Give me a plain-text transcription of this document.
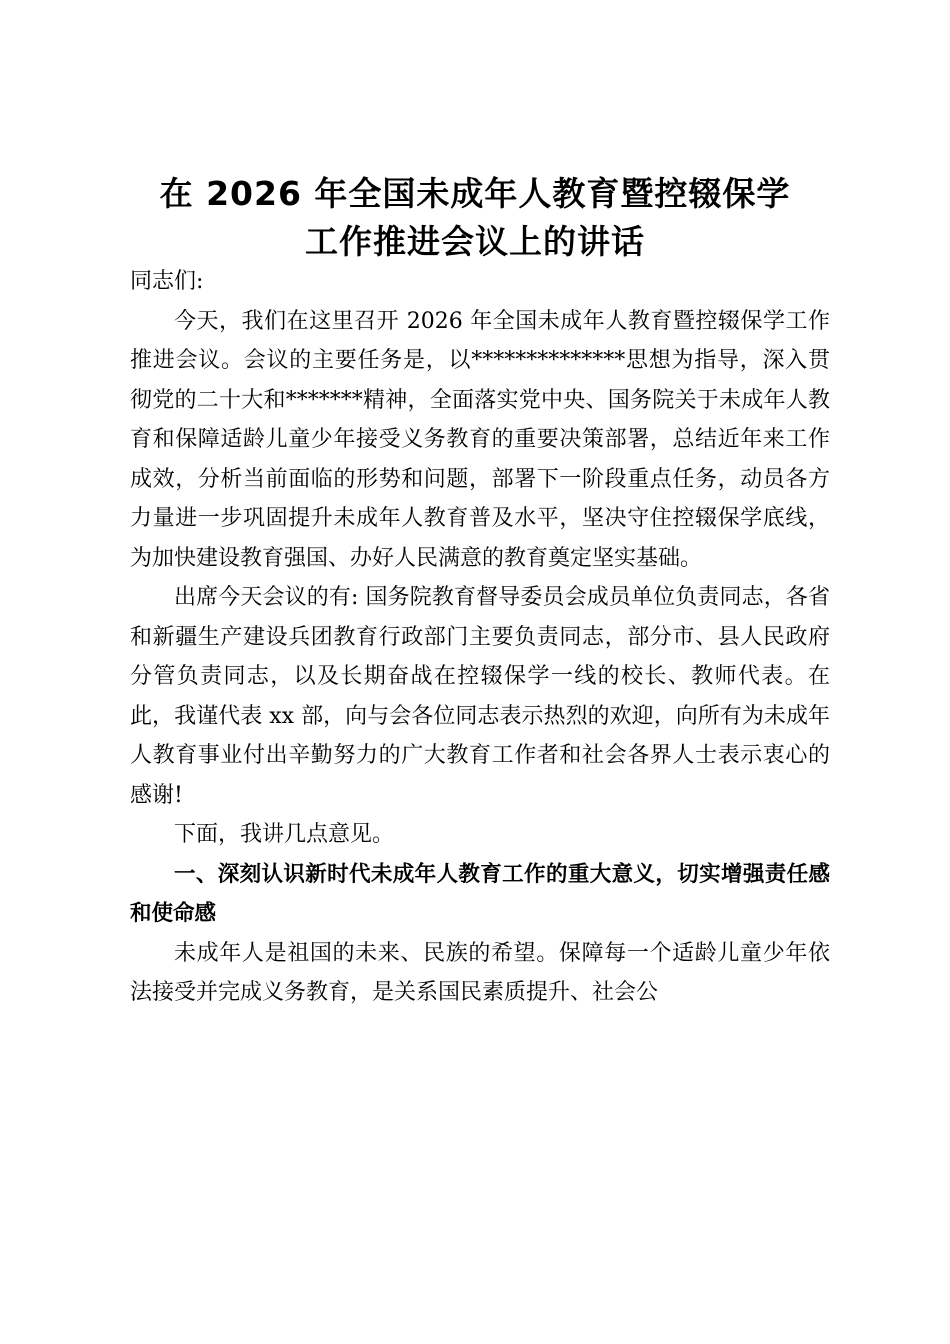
在 2026 年全国未成年人教育暨控辍保学
工作推进会议上的讲话

同志们:

今天，我们在这里召开 2026 年全国未成年人教育暨控辍保学工作推进会议。会议的主要任务是，以**************思想为指导，深入贯彻党的二十大和*******精神，全面落实党中央、国务院关于未成年人教育和保障适龄儿童少年接受义务教育的重要决策部署，总结近年来工作成效，分析当前面临的形势和问题，部署下一阶段重点任务，动员各方力量进一步巩固提升未成年人教育普及水平，坚决守住控辍保学底线，为加快建设教育强国、办好人民满意的教育奠定坚实基础。

出席今天会议的有: 国务院教育督导委员会成员单位负责同志，各省和新疆生产建设兵团教育行政部门主要负责同志，部分市、县人民政府分管负责同志，以及长期奋战在控辍保学一线的校长、教师代表。在此，我谨代表 xx 部，向与会各位同志表示热烈的欢迎，向所有为未成年人教育事业付出辛勤努力的广大教育工作者和社会各界人士表示衷心的感谢!

下面，我讲几点意见。

一、深刻认识新时代未成年人教育工作的重大意义，切实增强责任感和使命感

未成年人是祖国的未来、民族的希望。保障每一个适龄儿童少年依法接受并完成义务教育，是关系国民素质提升、社会公
